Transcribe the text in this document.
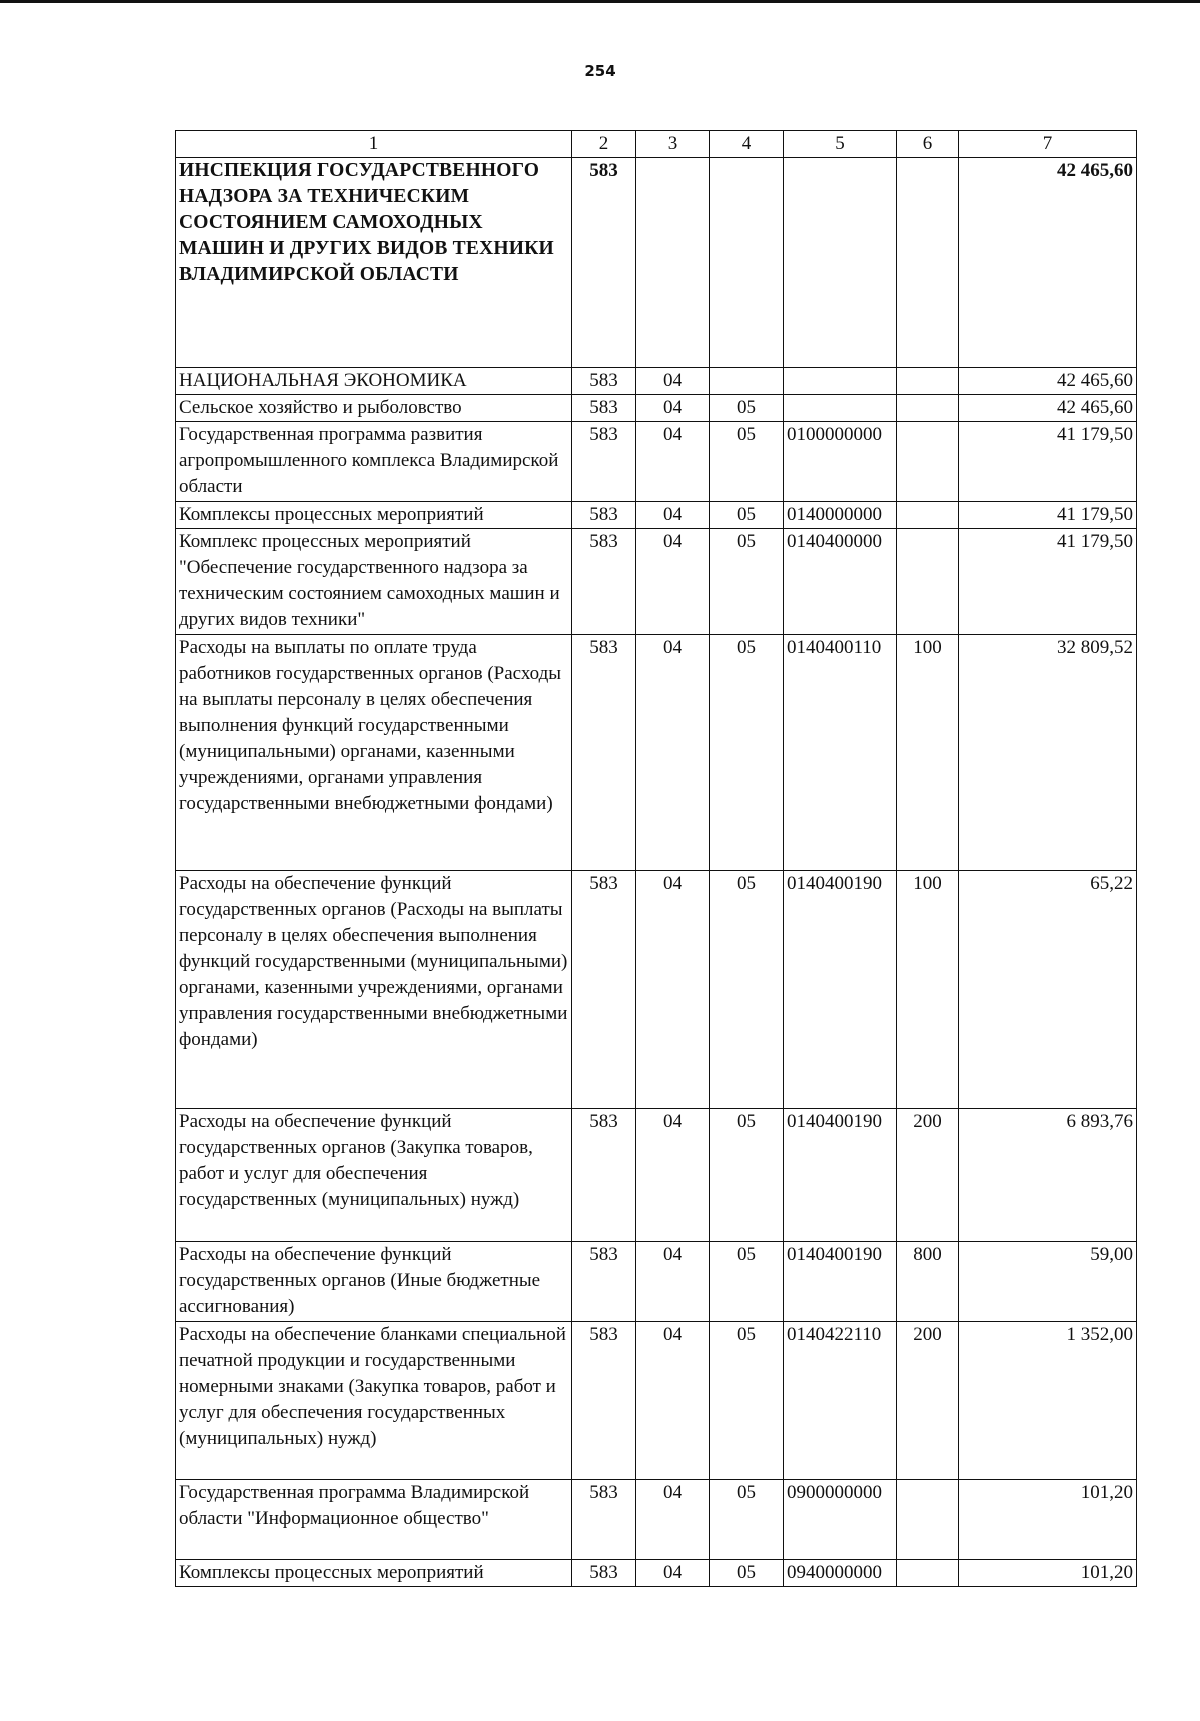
254
1	2	3	4	5	6	7
ИНСПЕКЦИЯ ГОСУДАРСТВЕННОГО НАДЗОРА ЗА ТЕХНИЧЕСКИМ СОСТОЯНИЕМ САМОХОДНЫХ МАШИН И ДРУГИХ ВИДОВ ТЕХНИКИ ВЛАДИМИРСКОЙ ОБЛАСТИ	583					42 465,60
НАЦИОНАЛЬНАЯ ЭКОНОМИКА	583	04				42 465,60
Сельское хозяйство и рыболовство	583	04	05			42 465,60
Государственная программа развития агропромышленного комплекса Владимирской области	583	04	05	0100000000		41 179,50
Комплексы процессных мероприятий	583	04	05	0140000000		41 179,50
Комплекс процессных мероприятий "Обеспечение государственного надзора за техническим состоянием самоходных машин и других видов техники"	583	04	05	0140400000		41 179,50
Расходы на выплаты по оплате труда работников государственных органов (Расходы на выплаты персоналу в целях обеспечения выполнения функций государственными (муниципальными) органами, казенными учреждениями, органами управления государственными внебюджетными фондами)	583	04	05	0140400110	100	32 809,52
Расходы на обеспечение функций государственных органов (Расходы на выплаты персоналу в целях обеспечения выполнения функций государственными (муниципальными) органами, казенными учреждениями, органами управления государственными внебюджетными фондами)	583	04	05	0140400190	100	65,22
Расходы на обеспечение функций государственных органов (Закупка товаров, работ и услуг для обеспечения государственных (муниципальных) нужд)	583	04	05	0140400190	200	6 893,76
Расходы на обеспечение функций государственных органов (Иные бюджетные ассигнования)	583	04	05	0140400190	800	59,00
Расходы на обеспечение бланками специальной печатной продукции и государственными номерными знаками (Закупка товаров, работ и услуг для обеспечения государственных (муниципальных) нужд)	583	04	05	0140422110	200	1 352,00
Государственная программа Владимирской области "Информационное общество"	583	04	05	0900000000		101,20
Комплексы процессных мероприятий	583	04	05	0940000000		101,20
